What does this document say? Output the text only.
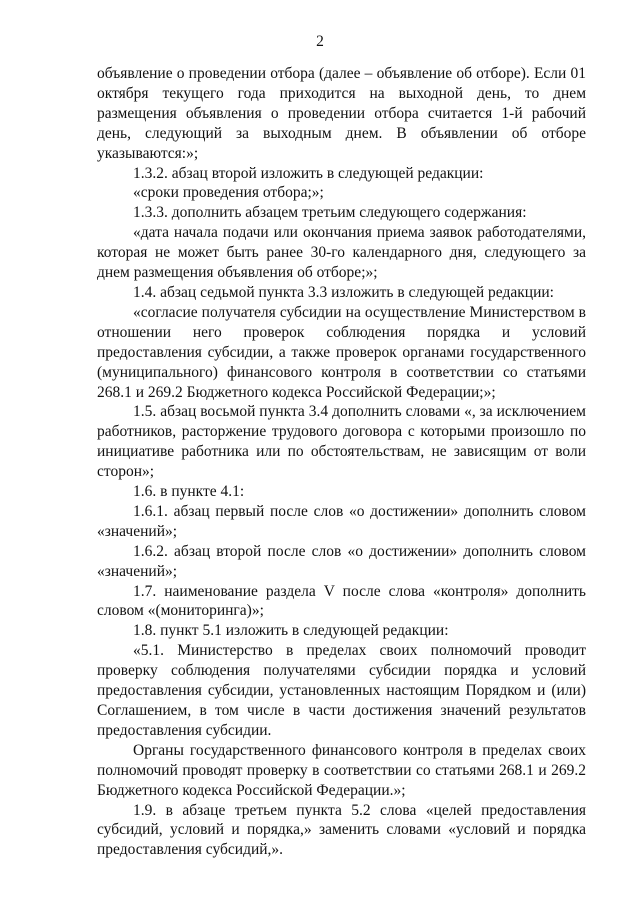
2

объявление о проведении отбора (далее – объявление об отборе). Если 01 октября текущего года приходится на выходной день, то днем размещения объявления о проведении отбора считается 1-й рабочий день, следующий за выходным днем. В объявлении об отборе указываются:»;

1.3.2. абзац второй изложить в следующей редакции:

«сроки проведения отбора;»;

1.3.3. дополнить абзацем третьим следующего содержания:

«дата начала подачи или окончания приема заявок работодателями, которая не может быть ранее 30-го календарного дня, следующего за днем размещения объявления об отборе;»;

1.4. абзац седьмой пункта 3.3 изложить в следующей редакции:

«согласие получателя субсидии на осуществление Министерством в отношении него проверок соблюдения порядка и условий предоставления субсидии, а также проверок органами государственного (муниципального) финансового контроля в соответствии со статьями 268.1 и 269.2 Бюджетного кодекса Российской Федерации;»;

1.5. абзац восьмой пункта 3.4 дополнить словами «, за исключением работников, расторжение трудового договора с которыми произошло по инициативе работника или по обстоятельствам, не зависящим от воли сторон»;

1.6. в пункте 4.1:

1.6.1. абзац первый после слов «о достижении» дополнить словом «значений»;

1.6.2. абзац второй после слов «о достижении» дополнить словом «значений»;

1.7. наименование раздела V после слова «контроля» дополнить словом «(мониторинга)»;

1.8. пункт 5.1 изложить в следующей редакции:

«5.1. Министерство в пределах своих полномочий проводит проверку соблюдения получателями субсидии порядка и условий предоставления субсидии, установленных настоящим Порядком и (или) Соглашением, в том числе в части достижения значений результатов предоставления субсидии.

Органы государственного финансового контроля в пределах своих полномочий проводят проверку в соответствии со статьями 268.1 и 269.2 Бюджетного кодекса Российской Федерации.»;

1.9. в абзаце третьем пункта 5.2 слова «целей предоставления субсидий, условий и порядка,» заменить словами «условий и порядка предоставления субсидий,».
